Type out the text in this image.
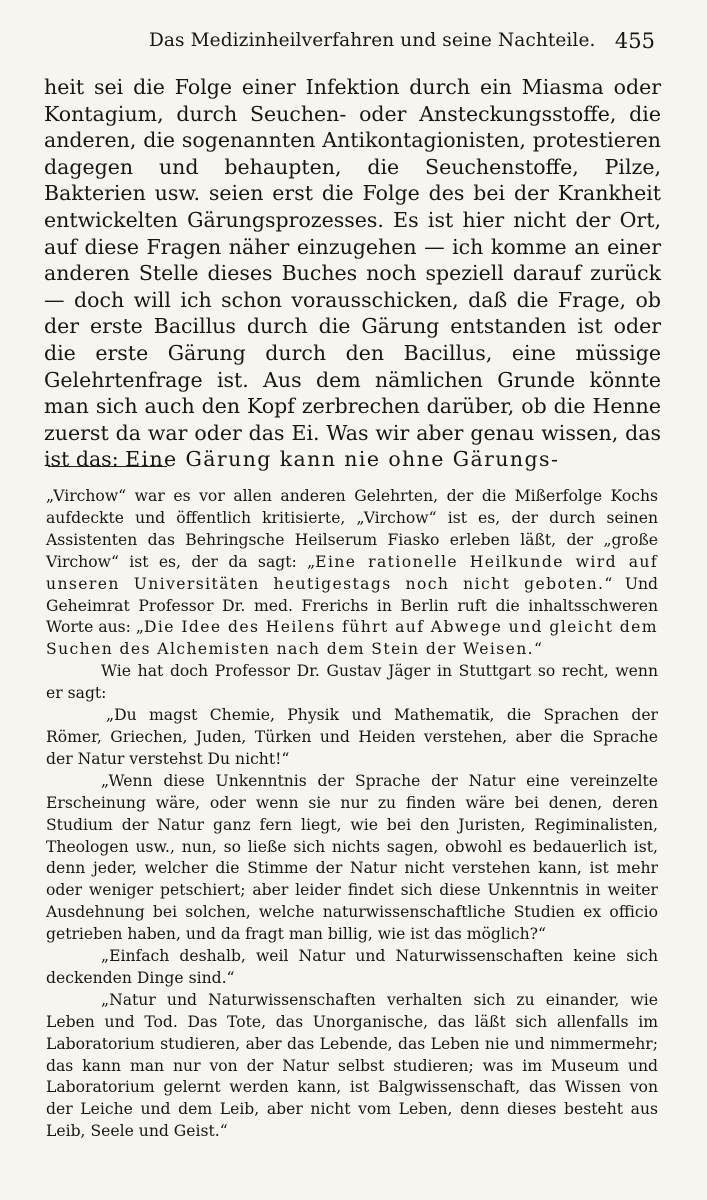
Das Medizinheilverfahren und seine Nachteile. 455

heit sei die Folge einer Infektion durch ein Miasma oder Kontagium, durch Seuchen- oder Ansteckungsstoffe, die anderen, die sogenannten Antikontagionisten, protestieren dagegen und behaupten, die Seuchenstoffe, Pilze, Bakterien usw. seien erst die Folge des bei der Krankheit entwickelten Gärungsprozesses. Es ist hier nicht der Ort, auf diese Fragen näher einzugehen — ich komme an einer anderen Stelle dieses Buches noch speziell darauf zurück — doch will ich schon vorausschicken, daß die Frage, ob der erste Bacillus durch die Gärung entstanden ist oder die erste Gärung durch den Bacillus, eine müssige Gelehrtenfrage ist. Aus dem nämlichen Grunde könnte man sich auch den Kopf zerbrechen darüber, ob die Henne zuerst da war oder das Ei. Was wir aber genau wissen, das ist das: Eine Gärung kann nie ohne Gärungs-

„Virchow“ war es vor allen anderen Gelehrten, der die Mißerfolge Kochs aufdeckte und öffentlich kritisierte, „Virchow“ ist es, der durch seinen Assistenten das Behringsche Heilserum Fiasko erleben läßt, der „große Virchow“ ist es, der da sagt: „Eine rationelle Heilkunde wird auf unseren Universitäten heutigestags noch nicht geboten.“ Und Geheimrat Professor Dr. med. Frerichs in Berlin ruft die inhaltsschweren Worte aus: „Die Idee des Heilens führt auf Abwege und gleicht dem Suchen des Alchemisten nach dem Stein der Weisen.“

Wie hat doch Professor Dr. Gustav Jäger in Stuttgart so recht, wenn er sagt:

„Du magst Chemie, Physik und Mathematik, die Sprachen der Römer, Griechen, Juden, Türken und Heiden verstehen, aber die Sprache der Natur verstehst Du nicht!“

„Wenn diese Unkenntnis der Sprache der Natur eine vereinzelte Erscheinung wäre, oder wenn sie nur zu finden wäre bei denen, deren Studium der Natur ganz fern liegt, wie bei den Juristen, Regiminalisten, Theologen usw., nun, so ließe sich nichts sagen, obwohl es bedauerlich ist, denn jeder, welcher die Stimme der Natur nicht verstehen kann, ist mehr oder weniger petschiert; aber leider findet sich diese Unkenntnis in weiter Ausdehnung bei solchen, welche naturwissenschaftliche Studien ex officio getrieben haben, und da fragt man billig, wie ist das möglich?“

„Einfach deshalb, weil Natur und Naturwissenschaften keine sich deckenden Dinge sind.“

„Natur und Naturwissenschaften verhalten sich zu einander, wie Leben und Tod. Das Tote, das Unorganische, das läßt sich allenfalls im Laboratorium studieren, aber das Lebende, das Leben nie und nimmermehr; das kann man nur von der Natur selbst studieren; was im Museum und Laboratorium gelernt werden kann, ist Balgwissenschaft, das Wissen von der Leiche und dem Leib, aber nicht vom Leben, denn dieses besteht aus Leib, Seele und Geist.“
